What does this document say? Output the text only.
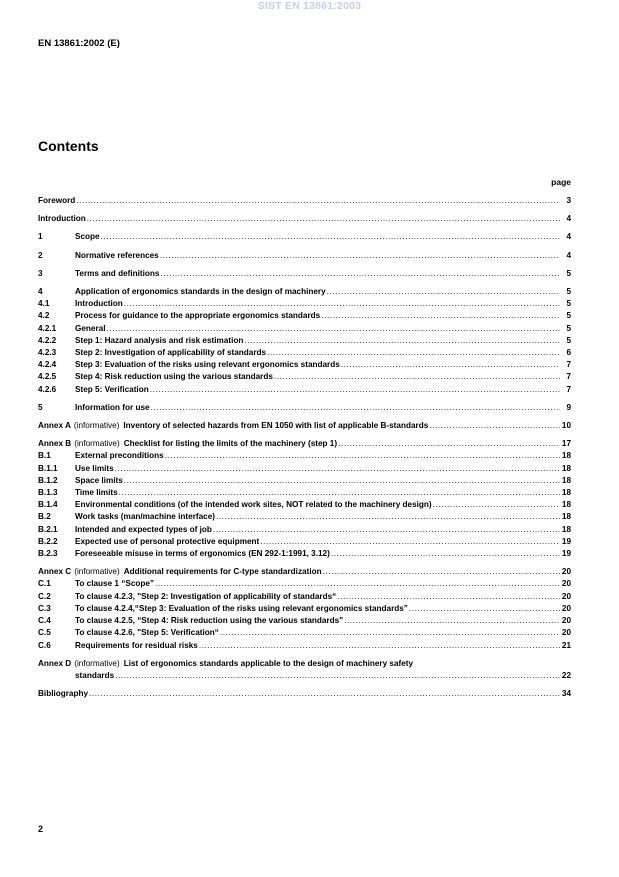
SIST EN 13861:2003
EN 13861:2002 (E)
Contents
page
Foreword .....	3
Introduction .....	4
1	Scope .....	4
2	Normative references .....	4
3	Terms and definitions .....	5
4	Application of ergonomics standards in the design of machinery .....	5
4.1	Introduction .....	5
4.2	Process for guidance to the appropriate ergonomics standards .....	5
4.2.1	General .....	5
4.2.2	Step 1: Hazard analysis and risk estimation .....	5
4.2.3	Step 2: Investigation of applicability of standards .....	6
4.2.4	Step 3: Evaluation of the risks using relevant ergonomics standards .....	7
4.2.5	Step 4: Risk reduction using the various standards .....	7
4.2.6	Step 5: Verification .....	7
5	Information for use .....	9
Annex A (informative) Inventory of selected hazards from EN 1050 with list of applicable B-standards .....	10
Annex B (informative) Checklist for listing the limits of the machinery (step 1) .....	17
B.1	External preconditions .....	18
B.1.1	Use limits .....	18
B.1.2	Space limits .....	18
B.1.3	Time limits .....	18
B.1.4	Environmental conditions (of the intended work sites, NOT related to the machinery design) .....	18
B.2	Work tasks (man/machine interface) .....	18
B.2.1	Intended and expected types of job .....	18
B.2.2	Expected use of personal protective equipment .....	19
B.2.3	Foreseeable misuse in terms of ergonomics (EN 292-1:1991, 3.12) .....	19
Annex C (informative) Additional requirements for C-type standardization .....	20
C.1	To clause 1 “Scope” .....	20
C.2	To clause 4.2.3, "Step 2: Investigation of applicability of standards“ .....	20
C.3	To clause 4.2.4,“Step 3: Evaluation of the risks using relevant ergonomics standards” .....	20
C.4	To clause 4.2.5, “Step 4: Risk reduction using the various standards" .....	20
C.5	To clause 4.2.6, "Step 5: Verification“ .....	20
C.6	Requirements for residual risks .....	21
Annex D (informative) List of ergonomics standards applicable to the design of machinery safety
standards .....	22
Bibliography .....	34
2
